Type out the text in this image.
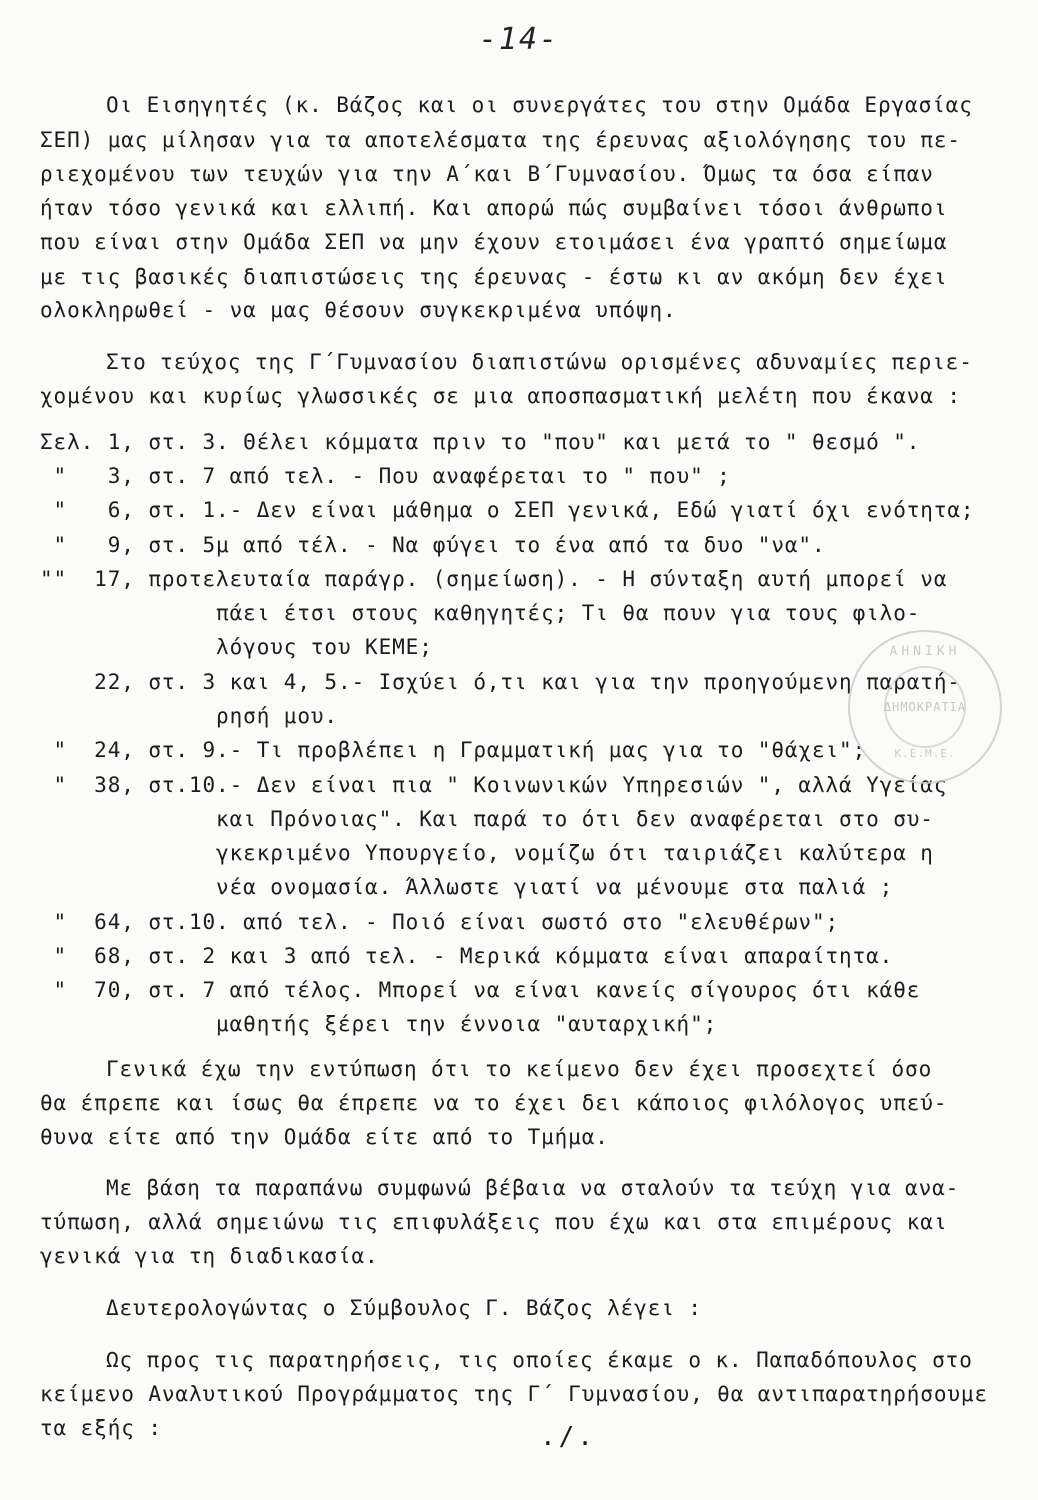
-14-
Οι Εισηγητές (κ. Βάζος και οι συνεργάτες του στην Ομάδα Εργασίας
ΣΕΠ) μας μίλησαν για τα αποτελέσματα της έρευνας αξιολόγησης του πε-
ριεχομένου των τευχών για την Α΄και Β΄Γυμνασίου. Όμως τα όσα είπαν
ήταν τόσο γενικά και ελλιπή. Και απορώ πώς συμβαίνει τόσοι άνθρωποι
που είναι στην Ομάδα ΣΕΠ να μην έχουν ετοιμάσει ένα γραπτό σημείωμα
με τις βασικές διαπιστώσεις της έρευνας - έστω κι αν ακόμη δεν έχει
ολοκληρωθεί - να μας θέσουν συγκεκριμένα υπόψη.
Στο τεύχος της Γ΄Γυμνασίου διαπιστώνω ορισμένες αδυναμίες περιε-
χομένου και κυρίως γλωσσικές σε μια αποσπασματική μελέτη που έκανα :
Σελ. 1, στ. 3. Θέλει κόμματα πριν το "που" και μετά το " θεσμό ".
"   3, στ. 7 από τελ. - Που αναφέρεται το " που" ;
"   6, στ. 1.- Δεν είναι μάθημα ο ΣΕΠ γενικά, Εδώ γιατί όχι ενότητα;
"   9, στ. 5μ από τέλ. - Να φύγει το ένα από τα δυο "να".
""  17, προτελευταία παράγρ. (σημείωση). - Η σύνταξη αυτή μπορεί να
πάει έτσι στους καθηγητές; Τι θα πουν για τους φιλο-
λόγους του ΚΕΜΕ;
22, στ. 3 και 4, 5.- Ισχύει ό,τι και για την προηγούμενη παρατή-
ρησή μου.
"  24, στ. 9.- Τι προβλέπει η Γραμματική μας για το "θάχει";
"  38, στ.10.- Δεν είναι πια " Κοινωνικών Υπηρεσιών ", αλλά Υγείας
και Πρόνοιας". Και παρά το ότι δεν αναφέρεται στο συ-
γκεκριμένο Υπουργείο, νομίζω ότι ταιριάζει καλύτερα η
νέα ονομασία. Άλλωστε γιατί να μένουμε στα παλιά ;
"  64, στ.10. από τελ. - Ποιό είναι σωστό στο "ελευθέρων";
"  68, στ. 2 και 3 από τελ. - Μερικά κόμματα είναι απαραίτητα.
"  70, στ. 7 από τέλος. Μπορεί να είναι κανείς σίγουρος ότι κάθε
μαθητής ξέρει την έννοια "αυταρχική";
Γενικά έχω την εντύπωση ότι το κείμενο δεν έχει προσεχτεί όσο
θα έπρεπε και ίσως θα έπρεπε να το έχει δει κάποιος φιλόλογος υπεύ-
θυνα είτε από την Ομάδα είτε από το Τμήμα.
Με βάση τα παραπάνω συμφωνώ βέβαια να σταλούν τα τεύχη για ανα-
τύπωση, αλλά σημειώνω τις επιφυλάξεις που έχω και στα επιμέρους και
γενικά για τη διαδικασία.
Δευτερολογώντας ο Σύμβουλος Γ. Βάζος λέγει :
Ως προς τις παρατηρήσεις, τις οποίες έκαμε ο κ. Παπαδόπουλος στο
κείμενο Αναλυτικού Προγράμματος της Γ΄ Γυμνασίου, θα αντιπαρατηρήσουμε
τα εξής :
ΑΗΝΙΚΗ
ΔΗΜΟΚΡΑΤΙΑ
Κ.Ε.Μ.Ε.
./.
